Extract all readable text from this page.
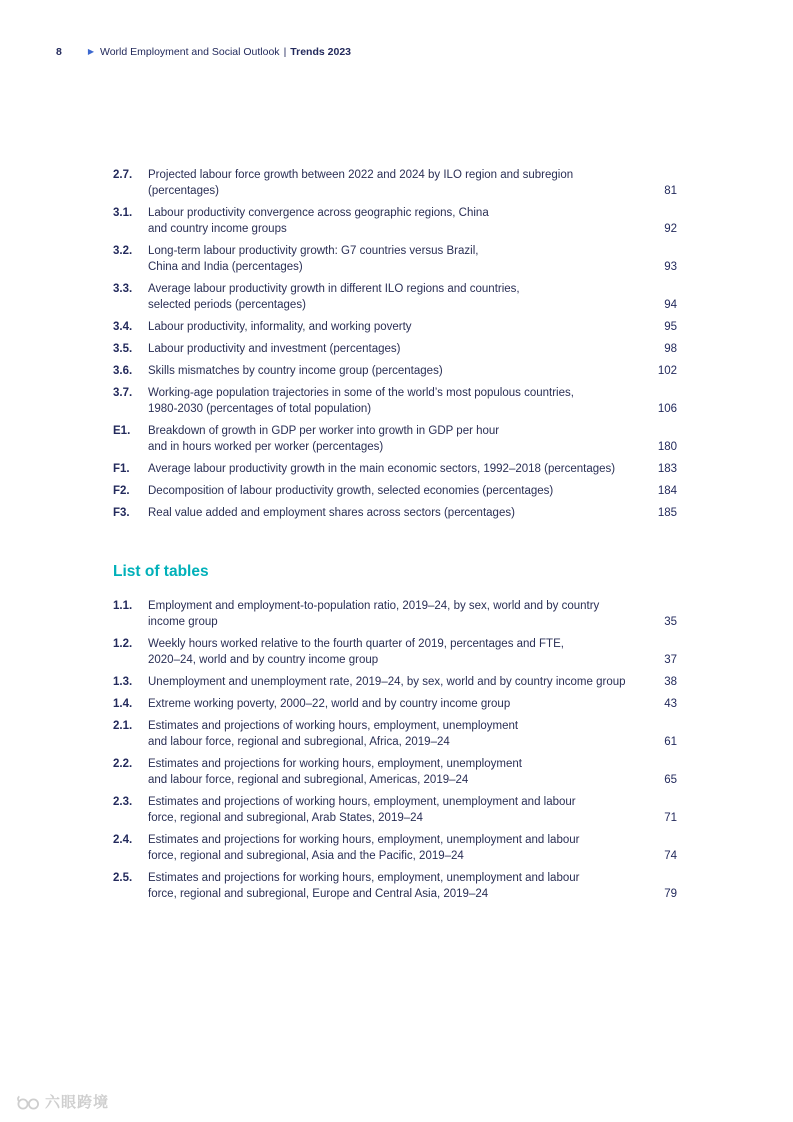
8	▶ World Employment and Social Outlook | Trends 2023
2.7.	Projected labour force growth between 2022 and 2024 by ILO region and subregion
(percentages)	81
3.1.	Labour productivity convergence across geographic regions, China
and country income groups	92
3.2.	Long-term labour productivity growth: G7 countries versus Brazil,
China and India (percentages)	93
3.3.	Average labour productivity growth in different ILO regions and countries,
selected periods (percentages)	94
3.4.	Labour productivity, informality, and working poverty	95
3.5.	Labour productivity and investment (percentages)	98
3.6.	Skills mismatches by country income group (percentages)	102
3.7.	Working-age population trajectories in some of the world’s most populous countries,
1980-2030 (percentages of total population)	106
E1.	Breakdown of growth in GDP per worker into growth in GDP per hour
and in hours worked per worker (percentages)	180
F1.	Average labour productivity growth in the main economic sectors, 1992–2018 (percentages)	183
F2.	Decomposition of labour productivity growth, selected economies (percentages)	184
F3.	Real value added and employment shares across sectors (percentages)	185
List of tables
1.1.	Employment and employment-to-population ratio, 2019–24, by sex, world and by country
income group	35
1.2.	Weekly hours worked relative to the fourth quarter of 2019, percentages and FTE,
2020–24, world and by country income group	37
1.3.	Unemployment and unemployment rate, 2019–24, by sex, world and by country income group	38
1.4.	Extreme working poverty, 2000–22, world and by country income group	43
2.1.	Estimates and projections of working hours, employment, unemployment
and labour force, regional and subregional, Africa, 2019–24	61
2.2.	Estimates and projections for working hours, employment, unemployment
and labour force, regional and subregional, Americas, 2019–24	65
2.3.	Estimates and projections of working hours, employment, unemployment and labour
force, regional and subregional, Arab States, 2019–24	71
2.4.	Estimates and projections for working hours, employment, unemployment and labour
force, regional and subregional, Asia and the Pacific, 2019–24	74
2.5.	Estimates and projections for working hours, employment, unemployment and labour
force, regional and subregional, Europe and Central Asia, 2019–24	79
六眼跨境
